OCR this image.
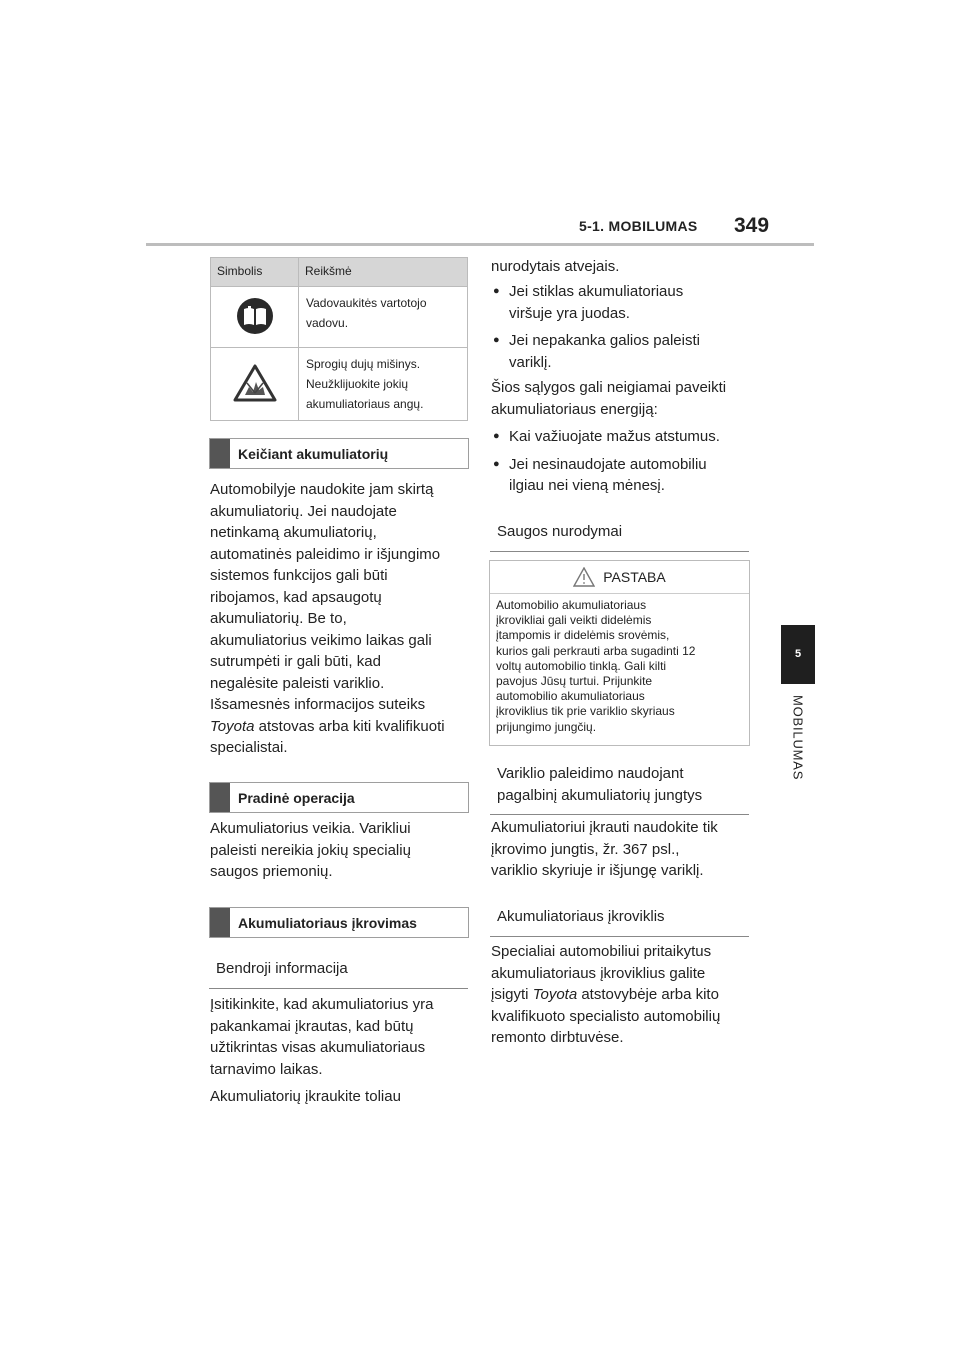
5-1. MOBILUMAS 349
5
MOBILUMAS
Simbolis	Reikšmė

Vadovaukitės vartotojo
vadovu.

Sprogių dujų mišinys.
Neužklijuokite jokių
akumuliatoriaus angų.
Keičiant akumuliatorių
Automobilyje naudokite jam skirtą
akumuliatorių. Jei naudojate
netinkamą akumuliatorių,
automatinės paleidimo ir išjungimo
sistemos funkcijos gali būti
ribojamos, kad apsaugotų
akumuliatorių. Be to,
akumuliatorius veikimo laikas gali
sutrumpėti ir gali būti, kad
negalėsite paleisti variklio.
Išsamesnės informacijos suteiks
Toyota atstovas arba kiti kvalifikuoti
specialistai.
Pradinė operacija
Akumuliatorius veikia. Varikliui
paleisti nereikia jokių specialių
saugos priemonių.
Akumuliatoriaus įkrovimas
Bendroji informacija
Įsitikinkite, kad akumuliatorius yra
pakankamai įkrautas, kad būtų
užtikrintas visas akumuliatoriaus
tarnavimo laikas.
Akumuliatorių įkraukite toliau
nurodytais atvejais.
● Jei stiklas akumuliatoriaus
viršuje yra juodas.
● Jei nepakanka galios paleisti
variklį.
Šios sąlygos gali neigiamai paveikti
akumuliatoriaus energiją:
● Kai važiuojate mažus atstumus.
● Jei nesinaudojate automobiliu
ilgiau nei vieną mėnesį.
Saugos nurodymai
PASTABA
Automobilio akumuliatoriaus
įkrovikliai gali veikti didelėmis
įtampomis ir didelėmis srovėmis,
kurios gali perkrauti arba sugadinti 12
voltų automobilio tinklą. Gali kilti
pavojus Jūsų turtui. Prijunkite
automobilio akumuliatoriaus
įkroviklius tik prie variklio skyriaus
prijungimo jungčių.
Variklio paleidimo naudojant
pagalbinį akumuliatorių jungtys
Akumuliatoriui įkrauti naudokite tik
įkrovimo jungtis, žr. 367 psl.,
variklio skyriuje ir išjungę variklį.
Akumuliatoriaus įkroviklis
Specialiai automobiliui pritaikytus
akumuliatoriaus įkroviklius galite
įsigyti Toyota atstovybėje arba kito
kvalifikuoto specialisto automobilių
remonto dirbtuvėse.
